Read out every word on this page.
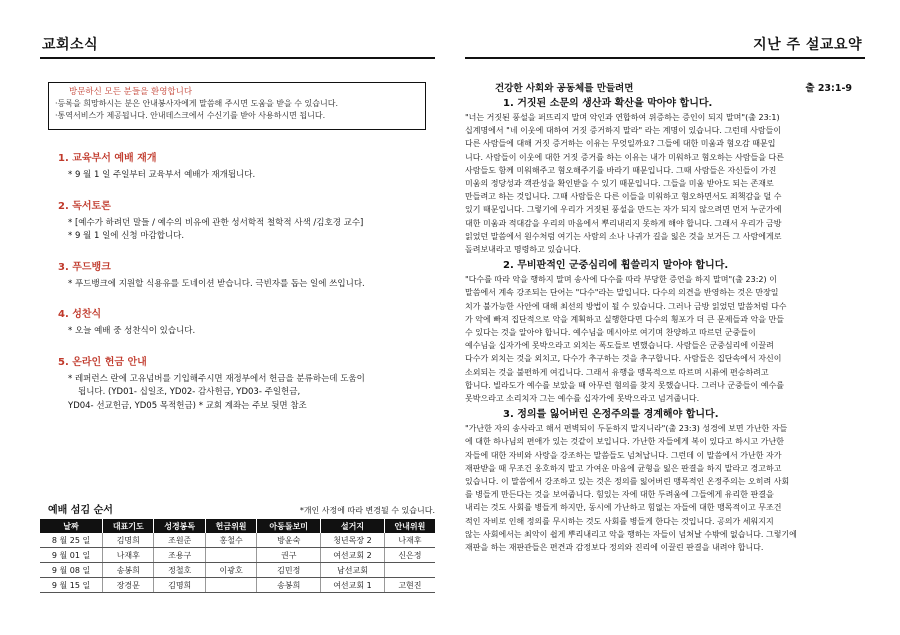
교회소식
방문하신 모든 분들을 환영합니다
·등록을 희망하시는 분은 안내봉사자에게 말씀해 주시면 도움을 받을 수 있습니다.
·통역서비스가 제공됩니다. 안내데스크에서 수신기를 받아 사용하시면 됩니다.
1. 교육부서 예배 재개
* 9 월 1 일 주일부터 교육부서 예배가 재개됩니다.
2. 독서토론
* [예수가 하려던 말들 / 예수의 비유에 관한 성서학적 철학적 사색 /김호경 교수]
* 9 월 1 일에 신청 마감합니다.
3. 푸드뱅크
* 푸드뱅크에 지원할 식용유를 도네이션 받습니다. 극빈자를 돕는 일에 쓰입니다.
4. 성찬식
* 오늘 예배 중 성찬식이 있습니다.
5. 온라인 헌금 안내
* 레퍼런스 란에 고유넘버를 기입해주시면 재정부에서 헌금을 분류하는데 도움이
됩니다. (YD01- 십일조, YD02- 감사헌금, YD03- 주일헌금,
YD04- 선교헌금, YD05 목적헌금) * 교회 계좌는 주보 뒷면 참조
예배 섬김 순서	*개인 사정에 따라 변경될 수 있습니다.
날짜	대표기도	성경봉독	헌금위원	아동돌보미	설거지	안내위원
8 월 25 일	김명희	조원준	홍철수	방윤숙	청년목장 2	나재후
9 월 01 일	나재후	조용구		권구	여선교회 2	신은정
9 월 08 일	송봉희	정철호	이광호	김민정	남선교회	
9 월 15 일	장경문	김명희		송봉희	여선교회 1	고현진
지난 주 설교요약
건강한 사회와 공동체를 만들려면	출 23:1-9
1. 거짓된 소문의 생산과 확산을 막아야 합니다.
"너는 거짓된 풍설을 퍼뜨리지 말며 악인과 연합하여 위증하는 증인이 되지 말며"(출 23:1)
십계명에서 "네 이웃에 대하여 거짓 증거하지 말라" 라는 계명이 있습니다. 그런데 사람들이
다른 사람들에 대해 거짓 증거하는 이유는 무엇일까요? 그들에 대한 미움과 혐오감 때문입
니다. 사람들이 이웃에 대한 거짓 증거를 하는 이유는 내가 미워하고 혐오하는 사람들을 다른
사람들도 함께 미워해주고 혐오해주기를 바라기 때문입니다. 그때 사람들은 자신들이 가진
미움의 정당성과 객관성을 확인받을 수 있기 때문입니다. 그들을 미움 받아도 되는 존재로
만들려고 하는 것입니다. 그때 사람들은 다른 이들을 미워하고 혐오하면서도 죄책감을 덜 수
있기 때문입니다. 그렇기에 우리가 거짓된 풍설을 만드는 자가 되지 않으려면 먼저 누군가에
대한 미움과 적대감을 우리의 마음에서 뿌리내리지 못하게 해야 합니다. 그래서 우리가 금방
읽었던 말씀에서 원수처럼 여기는 사람의 소나 나귀가 길을 잃은 것을 보거든 그 사람에게로
돌려보내라고 명령하고 있습니다.
2. 무비판적인 군중심리에 휩쓸리지 말아야 합니다.
"다수를 따라 악을 행하지 말며 송사에 다수를 따라 부당한 증언을 하지 말며"(출 23:2) 이
말씀에서 계속 강조되는 단어는 "다수"라는 말입니다. 다수의 의견을 반영하는 것은 만장일
치가 불가능한 사안에 대해 최선의 방법이 될 수 있습니다. 그러나 금방 읽었던 말씀처럼 다수
가 악에 빠져 집단적으로 악을 계획하고 실행한다면 다수의 횡포가 더 큰 문제들과 악을 만들
수 있다는 것을 알아야 합니다. 예수님을 메시아로 여기며 찬양하고 따르던 군중들이
예수님을 십자가에 못박으라고 외치는 폭도들로 변했습니다. 사람들은 군중심리에 이끌려
다수가 외치는 것을 외치고, 다수가 추구하는 것을 추구합니다. 사람들은 집단속에서 자신이
소외되는 것을 불편하게 여깁니다. 그래서 유행을 맹목적으로 따르며 시류에 편승하려고
합니다. 빌라도가 예수를 보았을 때 아무런 혐의를 찾지 못했습니다. 그러나 군중들이 예수를
못박으라고 소리치자 그는 예수를 십자가에 못박으라고 넘겨줍니다.
3. 정의를 잃어버린 온정주의를 경계해야 합니다.
"가난한 자의 송사라고 해서 편벽되이 두둔하지 말지니라"(출 23:3) 성경에 보면 가난한 자들
에 대한 하나님의 편애가 있는 것같이 보입니다. 가난한 자들에게 복이 있다고 하시고 가난한
자들에 대한 자비와 사랑을 강조하는 말씀들도 넘쳐납니다. 그런데 이 말씀에서 가난한 자가
재판받을 때 무조건 옹호하지 말고 가여운 마음에 균형을 잃은 판결을 하지 말라고 경고하고
있습니다. 이 말씀에서 강조하고 있는 것은 정의를 잃어버린 맹목적인 온정주의는 오히려 사회
를 병들게 만든다는 것을 보여줍니다. 힘있는 자에 대한 두려움에 그들에게 유리한 판결을
내리는 것도 사회를 병들게 하지만, 동시에 가난하고 힘없는 자들에 대한 맹목적이고 무조건
적인 자비로 인해 정의를 무시하는 것도 사회를 병들게 한다는 것입니다. 공의가 세워지지
않는 사회에서는 최악이 쉽게 뿌리내리고 악을 행하는 자들이 넘쳐날 수밖에 없습니다. 그렇기에
재판을 하는 재판관들은 편견과 감정보다 정의와 진리에 이끌린 판결을 내려야 합니다.
